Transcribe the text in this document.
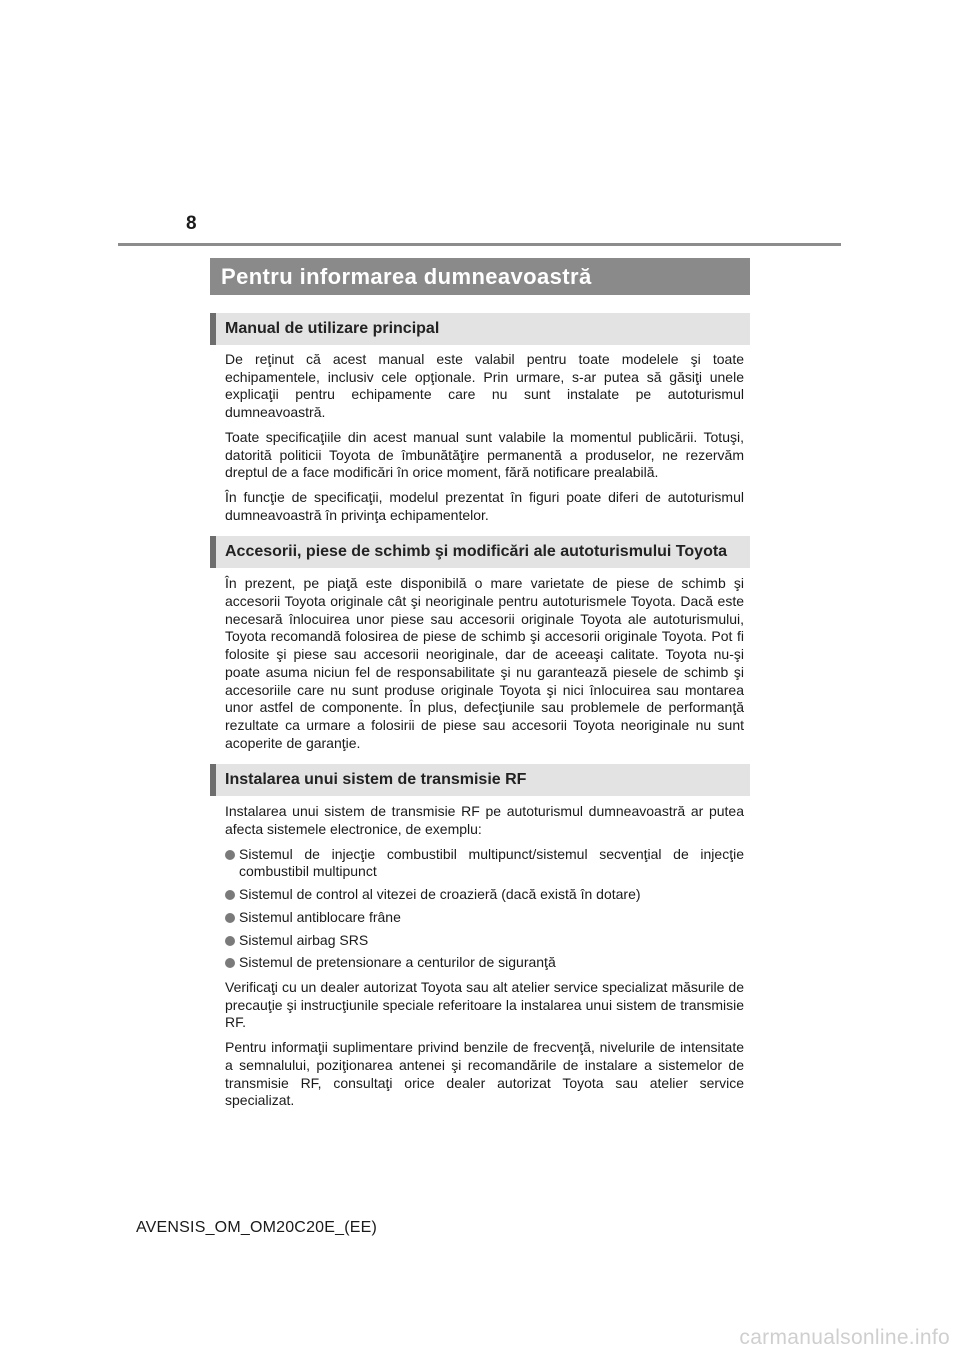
8
Pentru informarea dumneavoastră
Manual de utilizare principal

De reţinut că acest manual este valabil pentru toate modelele şi toate echipamentele, inclusiv cele opţionale. Prin urmare, s-ar putea să găsiţi unele explicaţii pentru echipamente care nu sunt instalate pe autoturismul dumneavoastră.

Toate specificaţiile din acest manual sunt valabile la momentul publicării. Totuşi, datorită politicii Toyota de îmbunătăţire permanentă a produselor, ne rezervăm dreptul de a face modificări în orice moment, fără notificare prealabilă.

În funcţie de specificaţii, modelul prezentat în figuri poate diferi de autoturismul dumneavoastră în privinţa echipamentelor.

Accesorii, piese de schimb şi modificări ale autoturismului Toyota

În prezent, pe piaţă este disponibilă o mare varietate de piese de schimb şi accesorii Toyota originale cât şi neoriginale pentru autoturismele Toyota. Dacă este necesară înlocuirea unor piese sau accesorii originale Toyota ale autoturismului, Toyota recomandă folosirea de piese de schimb şi accesorii originale Toyota. Pot fi folosite şi piese sau accesorii neoriginale, dar de aceeaşi calitate. Toyota nu-şi poate asuma niciun fel de responsabilitate şi nu garantează piesele de schimb şi accesoriile care nu sunt produse originale Toyota şi nici înlocuirea sau montarea unor astfel de componente. În plus, defecţiunile sau problemele de performanţă rezultate ca urmare a folosirii de piese sau accesorii Toyota neoriginale nu sunt acoperite de garanţie.

Instalarea unui sistem de transmisie RF

Instalarea unui sistem de transmisie RF pe autoturismul dumneavoastră ar putea afecta sistemele electronice, de exemplu:

Sistemul de injecţie combustibil multipunct/sistemul secvenţial de injecţie combustibil multipunct
Sistemul de control al vitezei de croazieră (dacă există în dotare)
Sistemul antiblocare frâne
Sistemul airbag SRS
Sistemul de pretensionare a centurilor de siguranţă

Verificaţi cu un dealer autorizat Toyota sau alt atelier service specializat măsurile de precauţie şi instrucţiunile speciale referitoare la instalarea unui sistem de transmisie RF.

Pentru informaţii suplimentare privind benzile de frecvenţă, nivelurile de intensitate a semnalului, poziţionarea antenei şi recomandările de instalare a sistemelor de transmisie RF, consultaţi orice dealer autorizat Toyota sau atelier service specializat.

AVENSIS_OM_OM20C20E_(EE)
carmanualsonline.info
